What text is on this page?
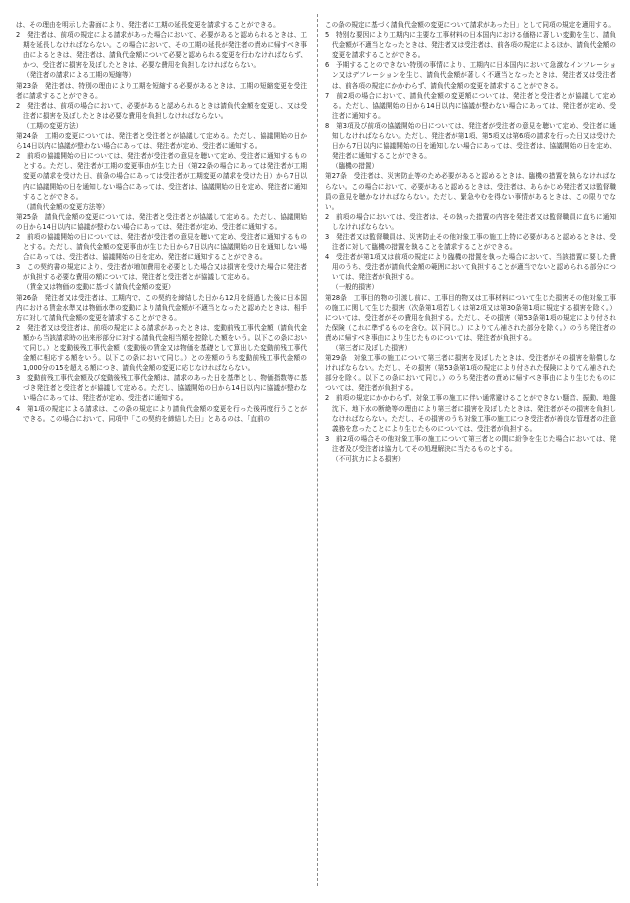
は、その理由を明示した書面により、発注者に工期の延長変更を請求することができる。

2　発注者は、前項の規定による請求があった場合において、必要があると認められるときは、工期を延長しなければならない。この場合において、その工期の延長が発注者の責めに帰すべき事由によるときは、発注者は、請負代金額について必要と認められる変更を行わなければならず、かつ、受注者に損害を及ぼしたときは、必要な費用を負担しなければならない。

（発注者の請求による工期の短縮等）

第23条　発注者は、特別の理由により工期を短縮する必要があるときは、工期の短縮変更を受注者に請求することができる。

2　発注者は、前項の場合において、必要があると認められるときは請負代金額を変更し、又は受注者に損害を及ぼしたときは必要な費用を負担しなければならない。

（工期の変更方法）

第24条　工期の変更については、発注者と受注者とが協議して定める。ただし、協議開始の日から14日以内に協議が整わない場合にあっては、発注者が定め、受注者に通知する。

2　前項の協議開始の日については、発注者が受注者の意見を聴いて定め、受注者に通知するものとする。ただし、発注者が工期の変更事由が生じた日（第22条の場合にあっては発注者が工期変更の請求を受けた日、前条の場合にあっては受注者が工期変更の請求を受けた日）から7日以内に協議開始の日を通知しない場合にあっては、受注者は、協議開始の日を定め、発注者に通知することができる。

（請負代金額の変更方法等）

第25条　請負代金額の変更については、発注者と受注者とが協議して定める。ただし、協議開始の日から14日以内に協議が整わない場合にあっては、発注者が定め、受注者に通知する。

2　前項の協議開始の日については、発注者が受注者の意見を聴いて定め、受注者に通知するものとする。ただし、請負代金額の変更事由が生じた日から7日以内に協議開始の日を通知しない場合にあっては、受注者は、協議開始の日を定め、発注者に通知することができる。

3　この契約書の規定により、受注者が増加費用を必要とした場合又は損害を受けた場合に発注者が負担する必要な費用の額については、発注者と受注者とが協議して定める。

（賃金又は物価の変動に基づく請負代金額の変更）

第26条　発注者又は受注者は、工期内で、この契約を締結した日から12月を経過した後に日本国内における賃金水準又は物価水準の変動により請負代金額が不適当となったと認めたときは、相手方に対して請負代金額の変更を請求することができる。

2　発注者又は受注者は、前項の規定による請求があったときは、変動前残工事代金額（請負代金額から当該請求時の出来形部分に対する請負代金相当額を控除した額をいう。以下この条において同じ。）と変動後残工事代金額（変動後の賃金又は物価を基礎として算出した変動前残工事代金額に相応する額をいう。以下この条において同じ。）との差額のうち変動前残工事代金額の1,000分の15を超える額につき、請負代金額の変更に応じなければならない。

3　変動前残工事代金額及び変動後残工事代金額は、請求のあった日を基準とし、物価指数等に基づき発注者と受注者とが協議して定める。ただし、協議開始の日から14日以内に協議が整わない場合にあっては、発注者が定め、受注者に通知する。

4　第1項の規定による請求は、この条の規定により請負代金額の変更を行った後再度行うことができる。この場合において、同項中「この契約を締結した日」とあるのは、「直前の

この条の規定に基づく請負代金額の変更について請求があった日」として同項の規定を適用する。

5　特別な要因により工期内に主要な工事材料の日本国内における価格に著しい変動を生じ、請負代金額が不適当となったときは、発注者又は受注者は、前各項の規定によるほか、請負代金額の変更を請求することができる。

6　予期することのできない特別の事情により、工期内に日本国内において急激なインフレーション又はデフレーションを生じ、請負代金額が著しく不適当となったときは、発注者又は受注者は、前各項の規定にかかわらず、請負代金額の変更を請求することができる。

7　前2項の場合において、請負代金額の変更額については、発注者と受注者とが協議して定める。ただし、協議開始の日から14日以内に協議が整わない場合にあっては、発注者が定め、受注者に通知する。

8　第3項及び前項の協議開始の日については、発注者が受注者の意見を聴いて定め、受注者に通知しなければならない。ただし、発注者が第1項、第5項又は第6項の請求を行った日又は受けた日から7日以内に協議開始の日を通知しない場合にあっては、受注者は、協議開始の日を定め、発注者に通知することができる。

（臨機の措置）

第27条　受注者は、災害防止等のため必要があると認めるときは、臨機の措置を執らなければならない。この場合において、必要があると認めるときは、受注者は、あらかじめ発注者又は監督職員の意見を聴かなければならない。ただし、緊急やむを得ない事情があるときは、この限りでない。

2　前項の場合においては、受注者は、その執った措置の内容を発注者又は監督職員に直ちに通知しなければならない。

3　発注者又は監督職員は、災害防止その他対象工事の施工上特に必要があると認めるときは、受注者に対して臨機の措置を執ることを請求することができる。

4　受注者が第1項又は前項の規定により臨機の措置を執った場合において、当該措置に要した費用のうち、受注者が請負代金額の範囲において負担することが適当でないと認められる部分については、発注者が負担する。

（一般的損害）

第28条　工事目的物の引渡し前に、工事目的物又は工事材料について生じた損害その他対象工事の施工に関して生じた損害（次条第1項若しくは第2項又は第30条第1項に規定する損害を除く。）については、受注者がその費用を負担する。ただし、その損害（第53条第1項の規定により付された保険（これに準ずるものを含む。以下同じ。）によりてん補された部分を除く。）のうち発注者の責めに帰すべき事由により生じたものについては、発注者が負担する。

（第三者に及ぼした損害）

第29条　対象工事の施工について第三者に損害を及ぼしたときは、受注者がその損害を賠償しなければならない。ただし、その損害（第53条第1項の規定により付された保険によりてん補された部分を除く。以下この条において同じ。）のうち発注者の責めに帰すべき事由により生じたものについては、発注者が負担する。

2　前項の規定にかかわらず、対象工事の施工に伴い通常避けることができない騒音、振動、地盤沈下、地下水の断絶等の理由により第三者に損害を及ぼしたときは、発注者がその損害を負担しなければならない。ただし、その損害のうち対象工事の施工につき受注者が善良な管理者の注意義務を怠ったことにより生じたものについては、受注者が負担する。

3　前2項の場合その他対象工事の施工について第三者との間に紛争を生じた場合においては、発注者及び受注者は協力してその処理解決に当たるものとする。

（不可抗力による損害）
